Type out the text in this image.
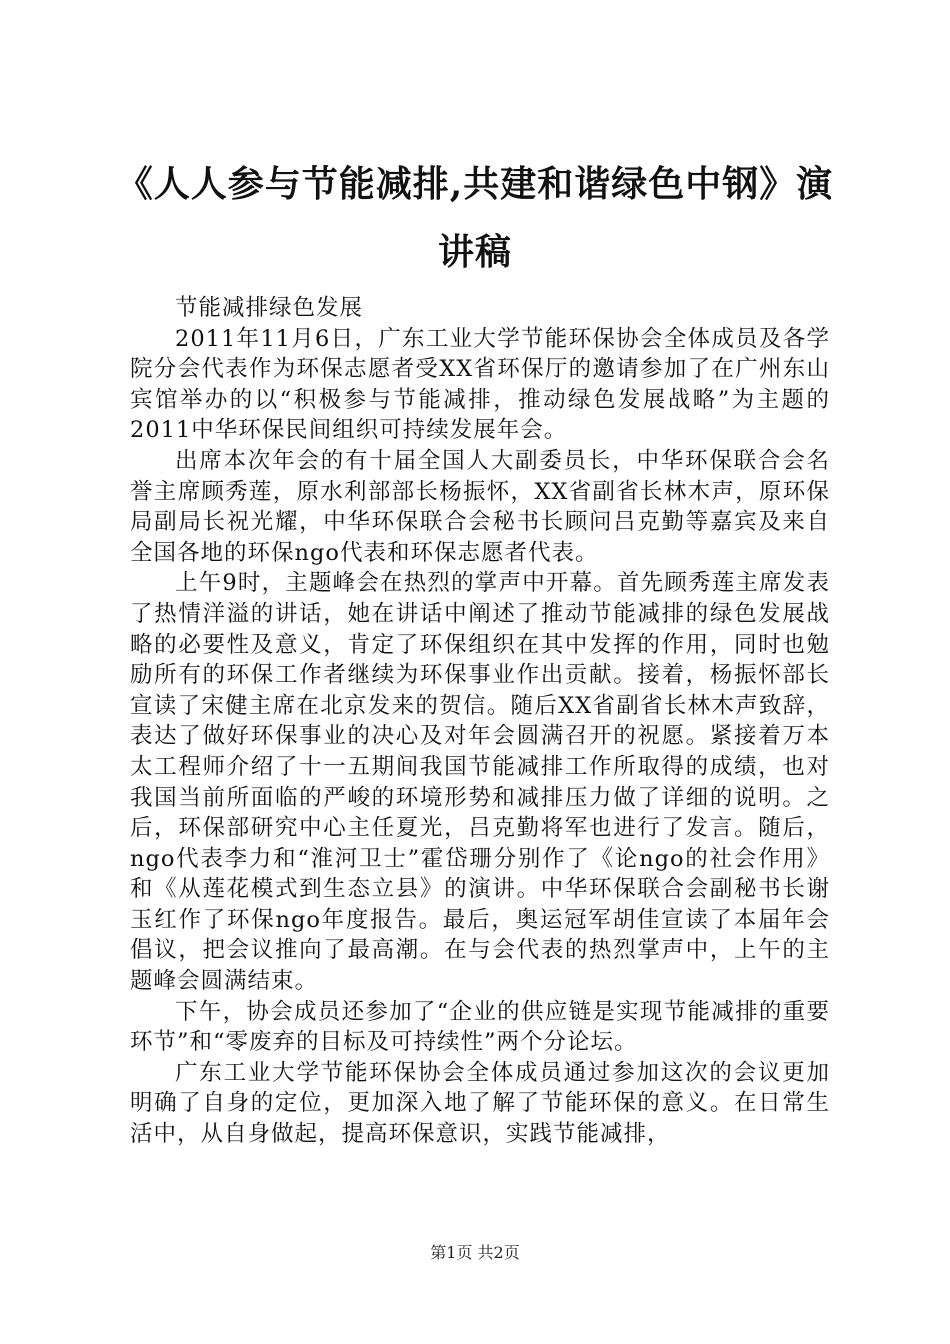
《人人参与节能减排,共建和谐绿色中钢》演讲稿

节能减排绿色发展

2011年11月6日，广东工业大学节能环保协会全体成员及各学院分会代表作为环保志愿者受XX省环保厅的邀请参加了在广州东山宾馆举办的以“积极参与节能减排，推动绿色发展战略”为主题的2011中华环保民间组织可持续发展年会。

出席本次年会的有十届全国人大副委员长，中华环保联合会名誉主席顾秀莲，原水利部部长杨振怀，XX省副省长林木声，原环保局副局长祝光耀，中华环保联合会秘书长顾问吕克勤等嘉宾及来自全国各地的环保ngo代表和环保志愿者代表。

上午9时，主题峰会在热烈的掌声中开幕。首先顾秀莲主席发表了热情洋溢的讲话，她在讲话中阐述了推动节能减排的绿色发展战略的必要性及意义，肯定了环保组织在其中发挥的作用，同时也勉励所有的环保工作者继续为环保事业作出贡献。接着，杨振怀部长宣读了宋健主席在北京发来的贺信。随后XX省副省长林木声致辞，表达了做好环保事业的决心及对年会圆满召开的祝愿。紧接着万本太工程师介绍了十一五期间我国节能减排工作所取得的成绩，也对我国当前所面临的严峻的环境形势和减排压力做了详细的说明。之后，环保部研究中心主任夏光，吕克勤将军也进行了发言。随后，ngo代表李力和“淮河卫士”霍岱珊分别作了《论ngo的社会作用》和《从莲花模式到生态立县》的演讲。中华环保联合会副秘书长谢玉红作了环保ngo年度报告。最后，奥运冠军胡佳宣读了本届年会倡议，把会议推向了最高潮。在与会代表的热烈掌声中，上午的主题峰会圆满结束。

下午，协会成员还参加了“企业的供应链是实现节能减排的重要环节”和“零废弃的目标及可持续性”两个分论坛。

广东工业大学节能环保协会全体成员通过参加这次的会议更加明确了自身的定位，更加深入地了解了节能环保的意义。在日常生活中，从自身做起，提高环保意识，实践节能减排，

第1页 共2页
